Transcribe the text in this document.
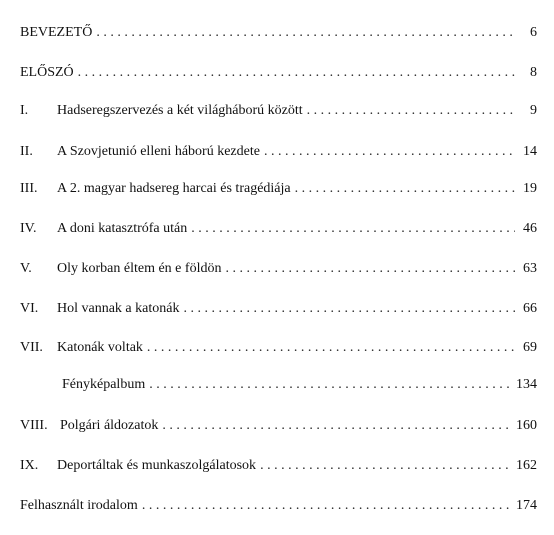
BEVEZETŐ . . .	6
ELŐSZÓ . . .	8
I.	Hadseregszervezés a két világháború között . . .	9
II.	A Szovjetunió elleni háború kezdete . . .	14
III.	A 2. magyar hadsereg harcai és tragédiája . . .	19
IV.	A doni katasztrófa után . . .	46
V.	Oly korban éltem én e földön . . .	63
VI.	Hol vannak a katonák . . .	66
VII.	Katonák voltak . . .	69
Fényképalbum . . .	134
VIII. Polgári áldozatok . . .	160
IX.	Deportáltak és munkaszolgálatosok . . .	162
Felhasznált irodalom . . .	174
